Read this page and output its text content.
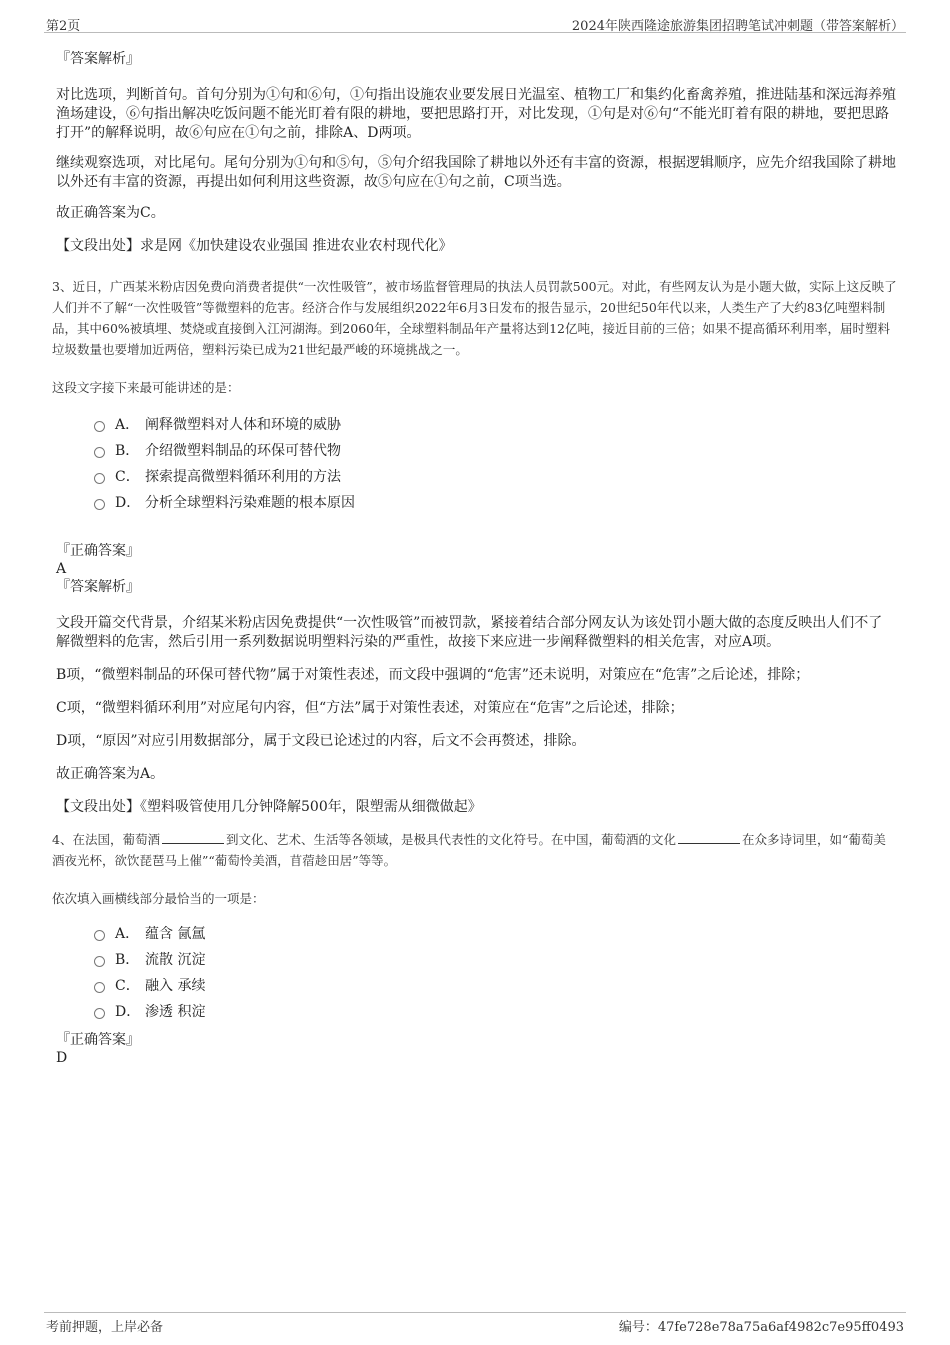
第2页	2024年陕西隆途旅游集团招聘笔试冲刺题（带答案解析）
『答案解析』

对比选项，判断首句。首句分别为①句和⑥句，①句指出设施农业要发展日光温室、植物工厂和集约化畜禽养殖，推进陆基和深远海养殖渔场建设，⑥句指出解决吃饭问题不能光盯着有限的耕地，要把思路打开，对比发现，①句是对⑥句“不能光盯着有限的耕地，要把思路打开”的解释说明，故⑥句应在①句之前，排除A、D两项。

继续观察选项，对比尾句。尾句分别为①句和⑤句，⑤句介绍我国除了耕地以外还有丰富的资源，根据逻辑顺序，应先介绍我国除了耕地以外还有丰富的资源，再提出如何利用这些资源，故⑤句应在①句之前，C项当选。

故正确答案为C。

【文段出处】求是网《加快建设农业强国 推进农业农村现代化》

3、近日，广西某米粉店因免费向消费者提供“一次性吸管”，被市场监督管理局的执法人员罚款500元。对此，有些网友认为是小题大做，实际上这反映了人们并不了解“一次性吸管”等微塑料的危害。经济合作与发展组织2022年6月3日发布的报告显示，20世纪50年代以来，人类生产了大约83亿吨塑料制品，其中60%被填埋、焚烧或直接倒入江河湖海。到2060年，全球塑料制品年产量将达到12亿吨，接近目前的三倍；如果不提高循环利用率，届时塑料垃圾数量也要增加近两倍，塑料污染已成为21世纪最严峻的环境挑战之一。

这段文字接下来最可能讲述的是：

A． 阐释微塑料对人体和环境的威胁
B． 介绍微塑料制品的环保可替代物
C． 探索提高微塑料循环利用的方法
D． 分析全球塑料污染难题的根本原因
『正确答案』
A
『答案解析』

文段开篇交代背景，介绍某米粉店因免费提供“一次性吸管”而被罚款，紧接着结合部分网友认为该处罚小题大做的态度反映出人们不了解微塑料的危害，然后引用一系列数据说明塑料污染的严重性，故接下来应进一步阐释微塑料的相关危害，对应A项。

B项，“微塑料制品的环保可替代物”属于对策性表述，而文段中强调的“危害”还未说明，对策应在“危害”之后论述，排除；

C项，“微塑料循环利用”对应尾句内容，但“方法”属于对策性表述，对策应在“危害”之后论述，排除；

D项，“原因”对应引用数据部分，属于文段已论述过的内容，后文不会再赘述，排除。

故正确答案为A。

【文段出处】《塑料吸管使用几分钟降解500年，限塑需从细微做起》

4、在法国，葡萄酒	到文化、艺术、生活等各领域，是极具代表性的文化符号。在中国，葡萄酒的文化	在众多诗词里，如“葡萄美酒夜光杯，欲饮琵琶马上催”“葡萄怜美酒，苜蓿趁田居”等等。

依次填入画横线部分最恰当的一项是：

A． 蕴含 氤氲
B． 流散 沉淀
C． 融入 承续
D． 渗透 积淀
『正确答案』
D
考前押题，上岸必备	编号：47fe728e78a75a6af4982c7e95ff0493
